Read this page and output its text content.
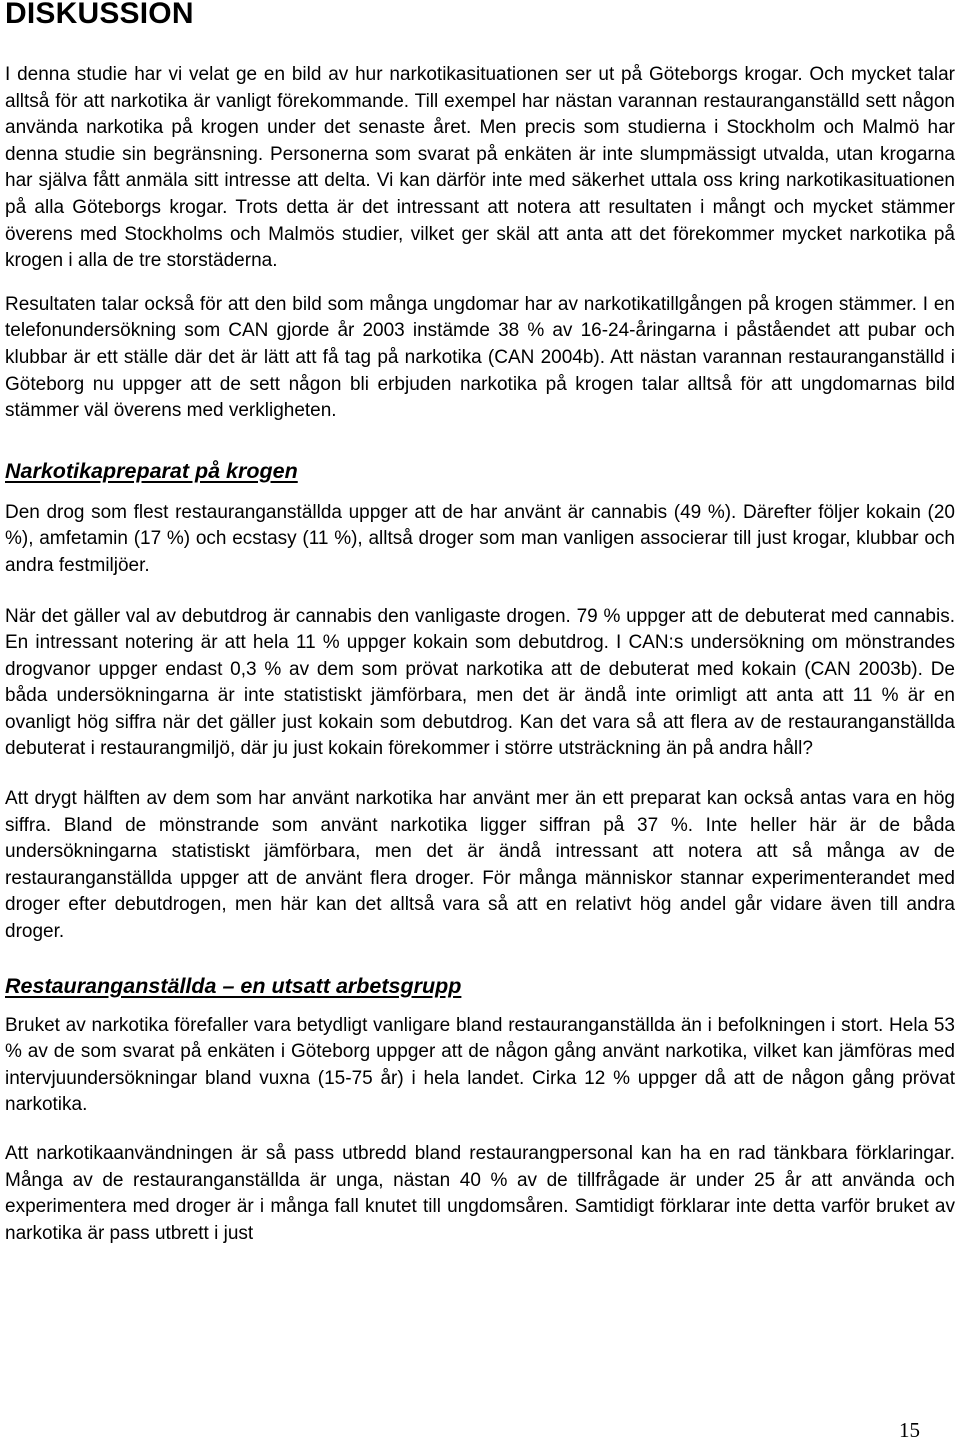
DISKUSSION

I denna studie har vi velat ge en bild av hur narkotikasituationen ser ut på Göteborgs krogar. Och mycket talar alltså för att narkotika är vanligt förekommande. Till exempel har nästan varannan restauranganställd sett någon använda narkotika på krogen under det senaste året. Men precis som studierna i Stockholm och Malmö har denna studie sin begränsning. Personerna som svarat på enkäten är inte slumpmässigt utvalda, utan krogarna har själva fått anmäla sitt intresse att delta. Vi kan därför inte med säkerhet uttala oss kring narkotikasituationen på alla Göteborgs krogar. Trots detta är det intressant att notera att resultaten i mångt och mycket stämmer överens med Stockholms och Malmös studier, vilket ger skäl att anta att det förekommer mycket narkotika på krogen i alla de tre storstäderna.

Resultaten talar också för att den bild som många ungdomar har av narkotikatillgången på krogen stämmer. I en telefonundersökning som CAN gjorde år 2003 instämde 38 % av 16-24-åringarna i påståendet att pubar och klubbar är ett ställe där det är lätt att få tag på narkotika (CAN 2004b). Att nästan varannan restauranganställd i Göteborg nu uppger att de sett någon bli erbjuden narkotika på krogen talar alltså för att ungdomarnas bild stämmer väl överens med verkligheten.

Narkotikapreparat på krogen

Den drog som flest restauranganställda uppger att de har använt är cannabis (49 %). Därefter följer kokain (20 %), amfetamin (17 %) och ecstasy (11 %), alltså droger som man vanligen associerar till just krogar, klubbar och andra festmiljöer.

När det gäller val av debutdrog är cannabis den vanligaste drogen. 79 % uppger att de debuterat med cannabis. En intressant notering är att hela 11 % uppger kokain som debutdrog. I CAN:s undersökning om mönstrandes drogvanor uppger endast 0,3 % av dem som prövat narkotika att de debuterat med kokain (CAN 2003b). De båda undersökningarna är inte statistiskt jämförbara, men det är ändå inte orimligt att anta att 11 % är en ovanligt hög siffra när det gäller just kokain som debutdrog. Kan det vara så att flera av de restauranganställda debuterat i restaurangmiljö, där ju just kokain förekommer i större utsträckning än på andra håll?

Att drygt hälften av dem som har använt narkotika har använt mer än ett preparat kan också antas vara en hög siffra. Bland de mönstrande som använt narkotika ligger siffran på 37 %. Inte heller här är de båda undersökningarna statistiskt jämförbara, men det är ändå intressant att notera att så många av de restauranganställda uppger att de använt flera droger. För många människor stannar experimenterandet med droger efter debutdrogen, men här kan det alltså vara så att en relativt hög andel går vidare även till andra droger.

Restauranganställda – en utsatt arbetsgrupp

Bruket av narkotika förefaller vara betydligt vanligare bland restauranganställda än i befolkningen i stort. Hela 53 % av de som svarat på enkäten i Göteborg uppger att de någon gång använt narkotika, vilket kan jämföras med intervjuundersökningar bland vuxna (15-75 år) i hela landet. Cirka 12 % uppger då att de någon gång prövat narkotika.

Att narkotikaanvändningen är så pass utbredd bland restaurangpersonal kan ha en rad tänkbara förklaringar. Många av de restauranganställda är unga, nästan 40 % av de tillfrågade är under 25 år att använda och experimentera med droger är i många fall knutet till ungdomsåren. Samtidigt förklarar inte detta varför bruket av narkotika är pass utbrett i just

15
